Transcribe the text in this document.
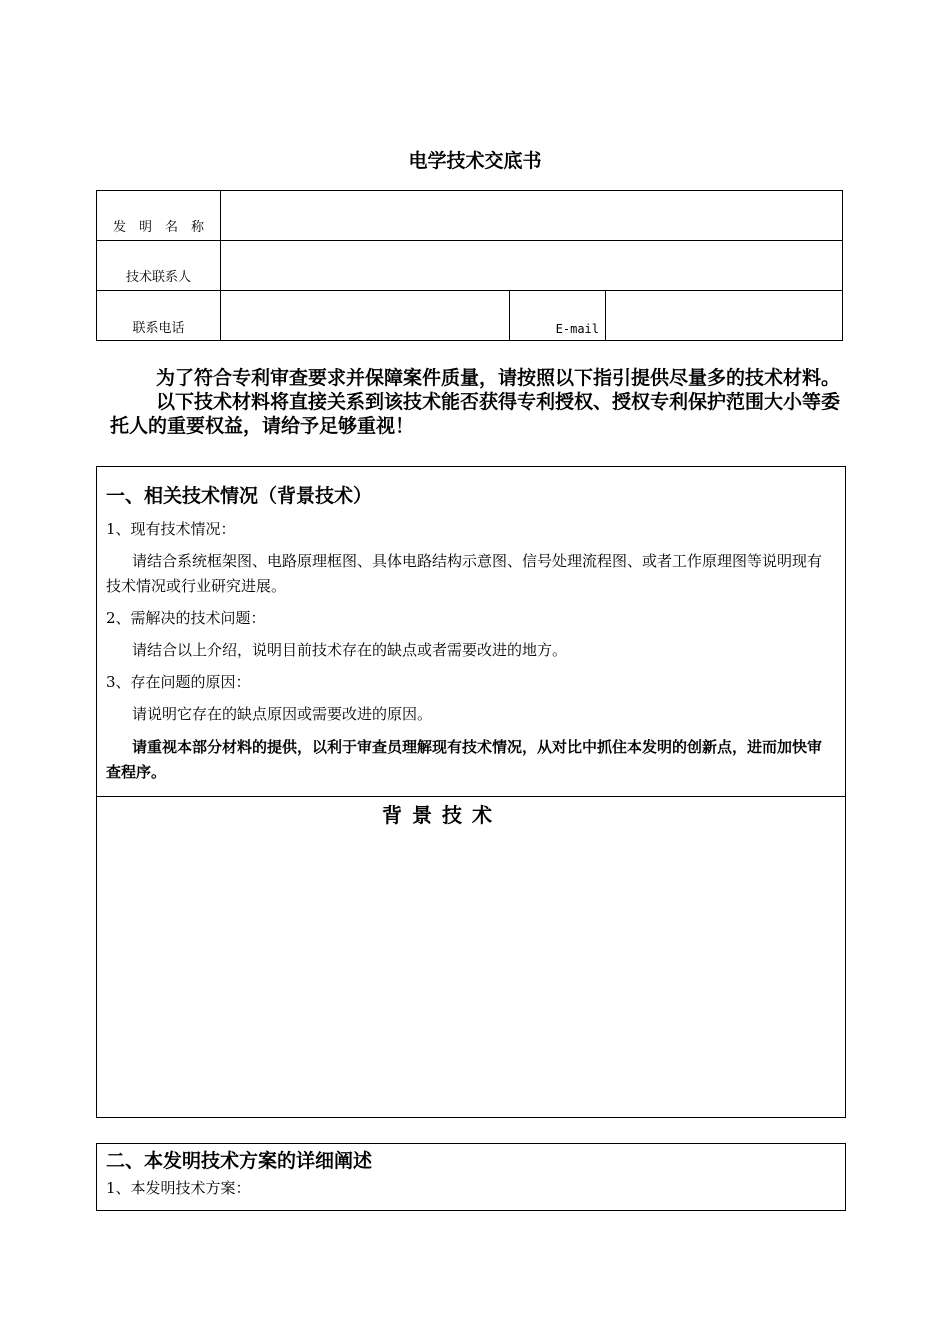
电学技术交底书
发　明　名　称
技术联系人
联系电话	E-mail

为了符合专利审查要求并保障案件质量，请按照以下指引提供尽量多的技术材料。

以下技术材料将直接关系到该技术能否获得专利授权、授权专利保护范围大小等委托人的重要权益，请给予足够重视！

一、相关技术情况（背景技术）
1、现有技术情况：
请结合系统框架图、电路原理框图、具体电路结构示意图、信号处理流程图、或者工作原理图等说明现有技术情况或行业研究进展。
2、需解决的技术问题：
请结合以上介绍，说明目前技术存在的缺点或者需要改进的地方。
3、存在问题的原因：
请说明它存在的缺点原因或需要改进的原因。
请重视本部分材料的提供，以利于审查员理解现有技术情况，从对比中抓住本发明的创新点，进而加快审查程序。
背景技术
二、本发明技术方案的详细阐述
1、本发明技术方案：
